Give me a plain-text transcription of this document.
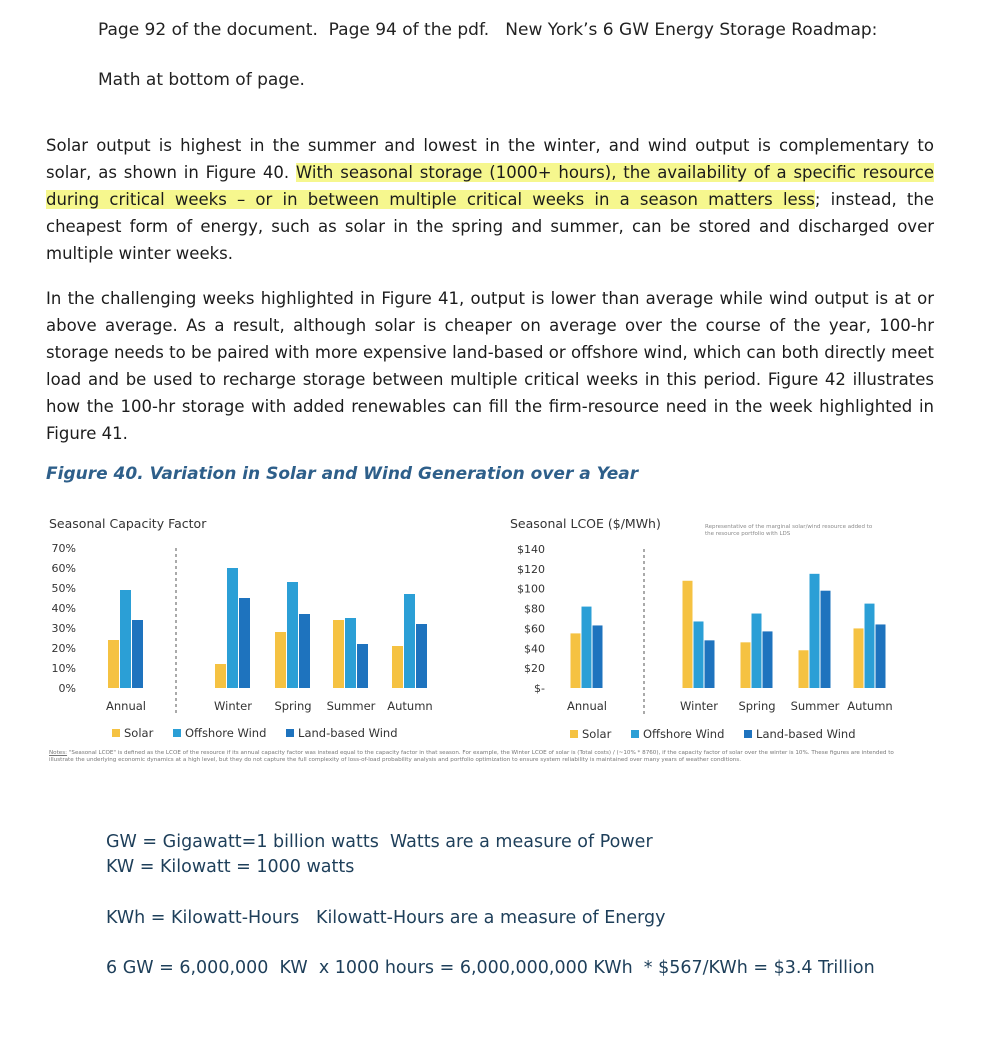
Page 92 of the document.  Page 94 of the pdf.   New York’s 6 GW Energy Storage Roadmap:
Math at bottom of page.
Solar output is highest in the summer and lowest in the winter, and wind output is complementary to solar, as shown in Figure 40. With seasonal storage (1000+ hours), the availability of a specific resource during critical weeks – or in between multiple critical weeks in a season matters less; instead, the cheapest form of energy, such as solar in the spring and summer, can be stored and discharged over multiple winter weeks.
In the challenging weeks highlighted in Figure 41, output is lower than average while wind output is at or above average. As a result, although solar is cheaper on average over the course of the year, 100-hr storage needs to be paired with more expensive land-based or offshore wind, which can both directly meet load and be used to recharge storage between multiple critical weeks in this period. Figure 42 illustrates how the 100-hr storage with added renewables can fill the firm-resource need in the week highlighted in Figure 41.
Figure 40. Variation in Solar and Wind Generation over a Year
Seasonal Capacity Factor	Seasonal LCOE ($/MWh)	Representative of the marginal solar/wind resource added to the resource portfolio with LDS
70%
60%
50%
40%
30%
20%
10%
0%
Annual	Winter Spring Summer Autumn
$140
$120
$100
$80
$60
$40
$20
$-
Annual	Winter Spring Summer Autumn
Solar	Offshore Wind	Land-based Wind	Solar	Offshore Wind	Land-based Wind
Notes: "Seasonal LCOE" is defined as the LCOE of the resource if its annual capacity factor was instead equal to the capacity factor in that season. For example, the Winter LCOE of solar is (Total costs) / (~10% * 8760), if the capacity factor of solar over the winter is 10%. These figures are intended to illustrate the underlying economic dynamics at a high level, but they do not capture the full complexity of loss-of-load probability analysis and portfolio optimization to ensure system reliability is maintained over many years of weather conditions.
GW = Gigawatt=1 billion watts  Watts are a measure of Power
KW = Kilowatt = 1000 watts
KWh = Kilowatt-Hours   Kilowatt-Hours are a measure of Energy
6 GW = 6,000,000  KW  x 1000 hours = 6,000,000,000 KWh  * $567/KWh = $3.4 Trillion
